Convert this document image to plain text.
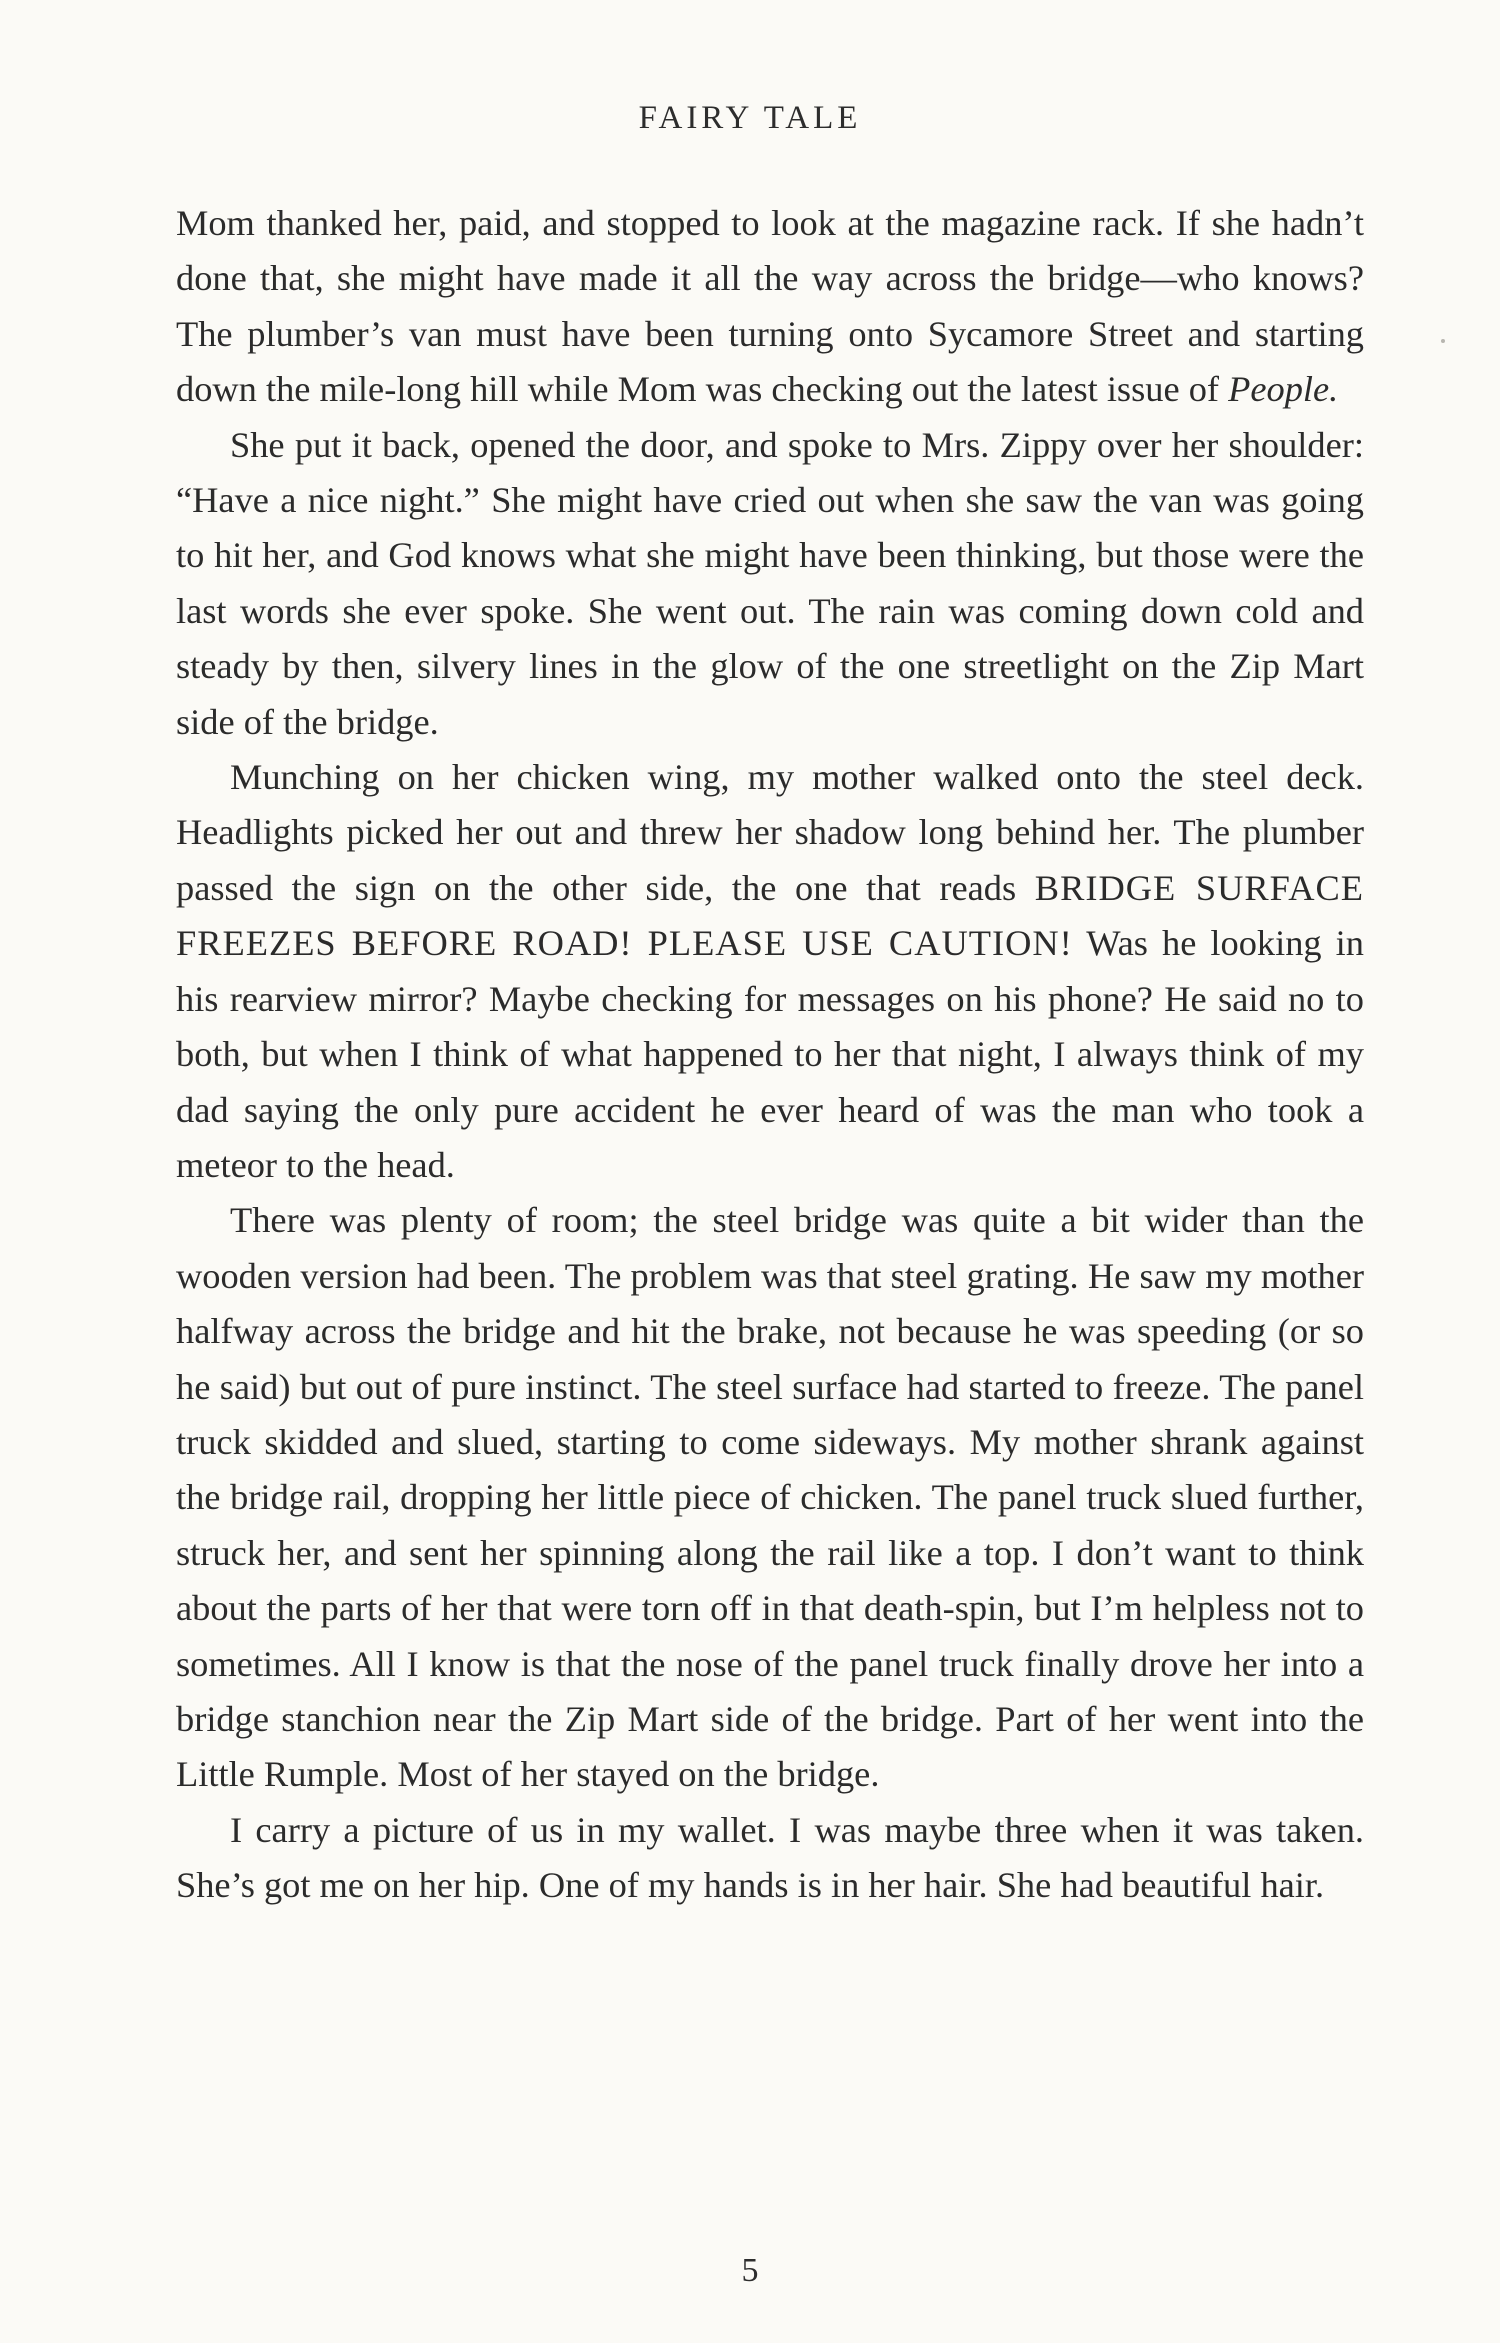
FAIRY TALE

Mom thanked her, paid, and stopped to look at the magazine rack. If she hadn’t done that, she might have made it all the way across the bridge—who knows? The plumber’s van must have been turning onto Sycamore Street and starting down the mile-long hill while Mom was checking out the latest issue of People.

She put it back, opened the door, and spoke to Mrs. Zippy over her shoulder: “Have a nice night.” She might have cried out when she saw the van was going to hit her, and God knows what she might have been thinking, but those were the last words she ever spoke. She went out. The rain was coming down cold and steady by then, silvery lines in the glow of the one streetlight on the Zip Mart side of the bridge.

Munching on her chicken wing, my mother walked onto the steel deck. Headlights picked her out and threw her shadow long behind her. The plumber passed the sign on the other side, the one that reads BRIDGE SURFACE FREEZES BEFORE ROAD! PLEASE USE CAUTION! Was he looking in his rearview mirror? Maybe checking for messages on his phone? He said no to both, but when I think of what happened to her that night, I always think of my dad saying the only pure accident he ever heard of was the man who took a meteor to the head.

There was plenty of room; the steel bridge was quite a bit wider than the wooden version had been. The problem was that steel grating. He saw my mother halfway across the bridge and hit the brake, not because he was speeding (or so he said) but out of pure instinct. The steel surface had started to freeze. The panel truck skidded and slued, starting to come sideways. My mother shrank against the bridge rail, dropping her little piece of chicken. The panel truck slued further, struck her, and sent her spinning along the rail like a top. I don’t want to think about the parts of her that were torn off in that death-spin, but I’m helpless not to sometimes. All I know is that the nose of the panel truck finally drove her into a bridge stanchion near the Zip Mart side of the bridge. Part of her went into the Little Rumple. Most of her stayed on the bridge.

I carry a picture of us in my wallet. I was maybe three when it was taken. She’s got me on her hip. One of my hands is in her hair. She had beautiful hair.

5
